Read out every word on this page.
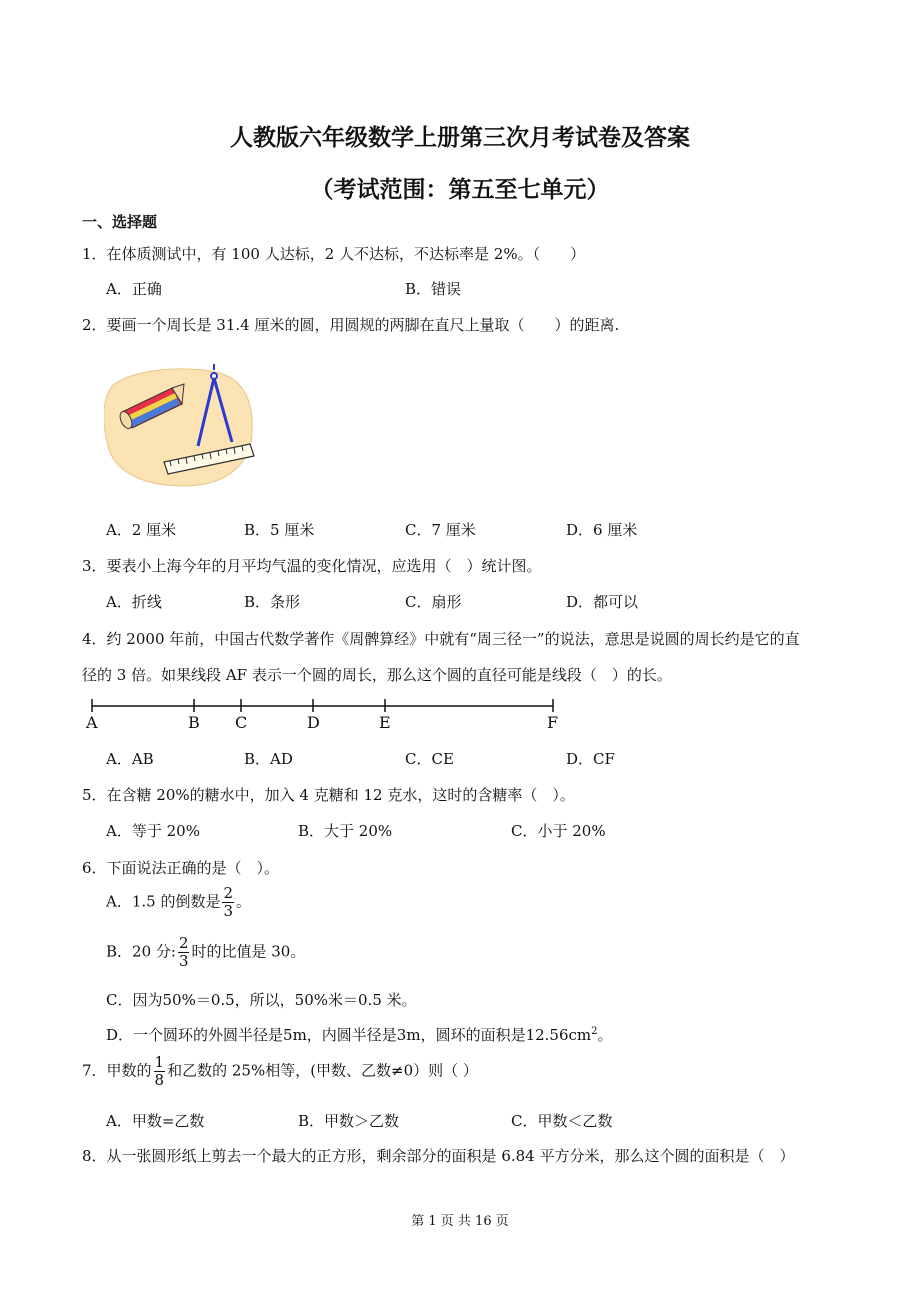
人教版六年级数学上册第三次月考试卷及答案
（考试范围：第五至七单元）
一、选择题
1．在体质测试中，有 100 人达标，2 人不达标，不达标率是 2%。（　　）
A．正确	B．错误
2．要画一个周长是 31.4 厘米的圆，用圆规的两脚在直尺上量取（　　）的距离.
A．2 厘米	B．5 厘米	C．7 厘米	D．6 厘米
3．要表小上海今年的月平均气温的变化情况，应选用（　）统计图。
A．折线	B．条形	C．扇形	D．都可以
4．约 2000 年前，中国古代数学著作《周髀算经》中就有“周三径一”的说法，意思是说圆的周长约是它的直
径的 3 倍。如果线段 AF 表示一个圆的周长，那么这个圆的直径可能是线段（　）的长。
A	B C	D	E	F
A．AB	B．AD	C．CE	D．CF
5．在含糖 20%的糖水中，加入 4 克糖和 12 克水，这时的含糖率（　）。
A．等于 20%	B．大于 20%	C．小于 20%
6．下面说法正确的是（　）。
A．1.5 的倒数是 $\frac{2}{3}$ 。
B．20 分: $\frac{2}{3}$ 时的比值是 30。
C．因为50%＝0.5，所以，50%米＝0.5 米。
D．一个圆环的外圆半径是5m，内圆半径是3m，圆环的面积是$12.56cm^2$。
7．甲数的 $\frac{1}{8}$ 和乙数的 25%相等，(甲数、乙数≠0）则（ ）
A．甲数=乙数	B．甲数＞乙数	C．甲数＜乙数
8．从一张圆形纸上剪去一个最大的正方形，剩余部分的面积是 6.84 平方分米，那么这个圆的面积是（　）
第 1 页 共 16 页
